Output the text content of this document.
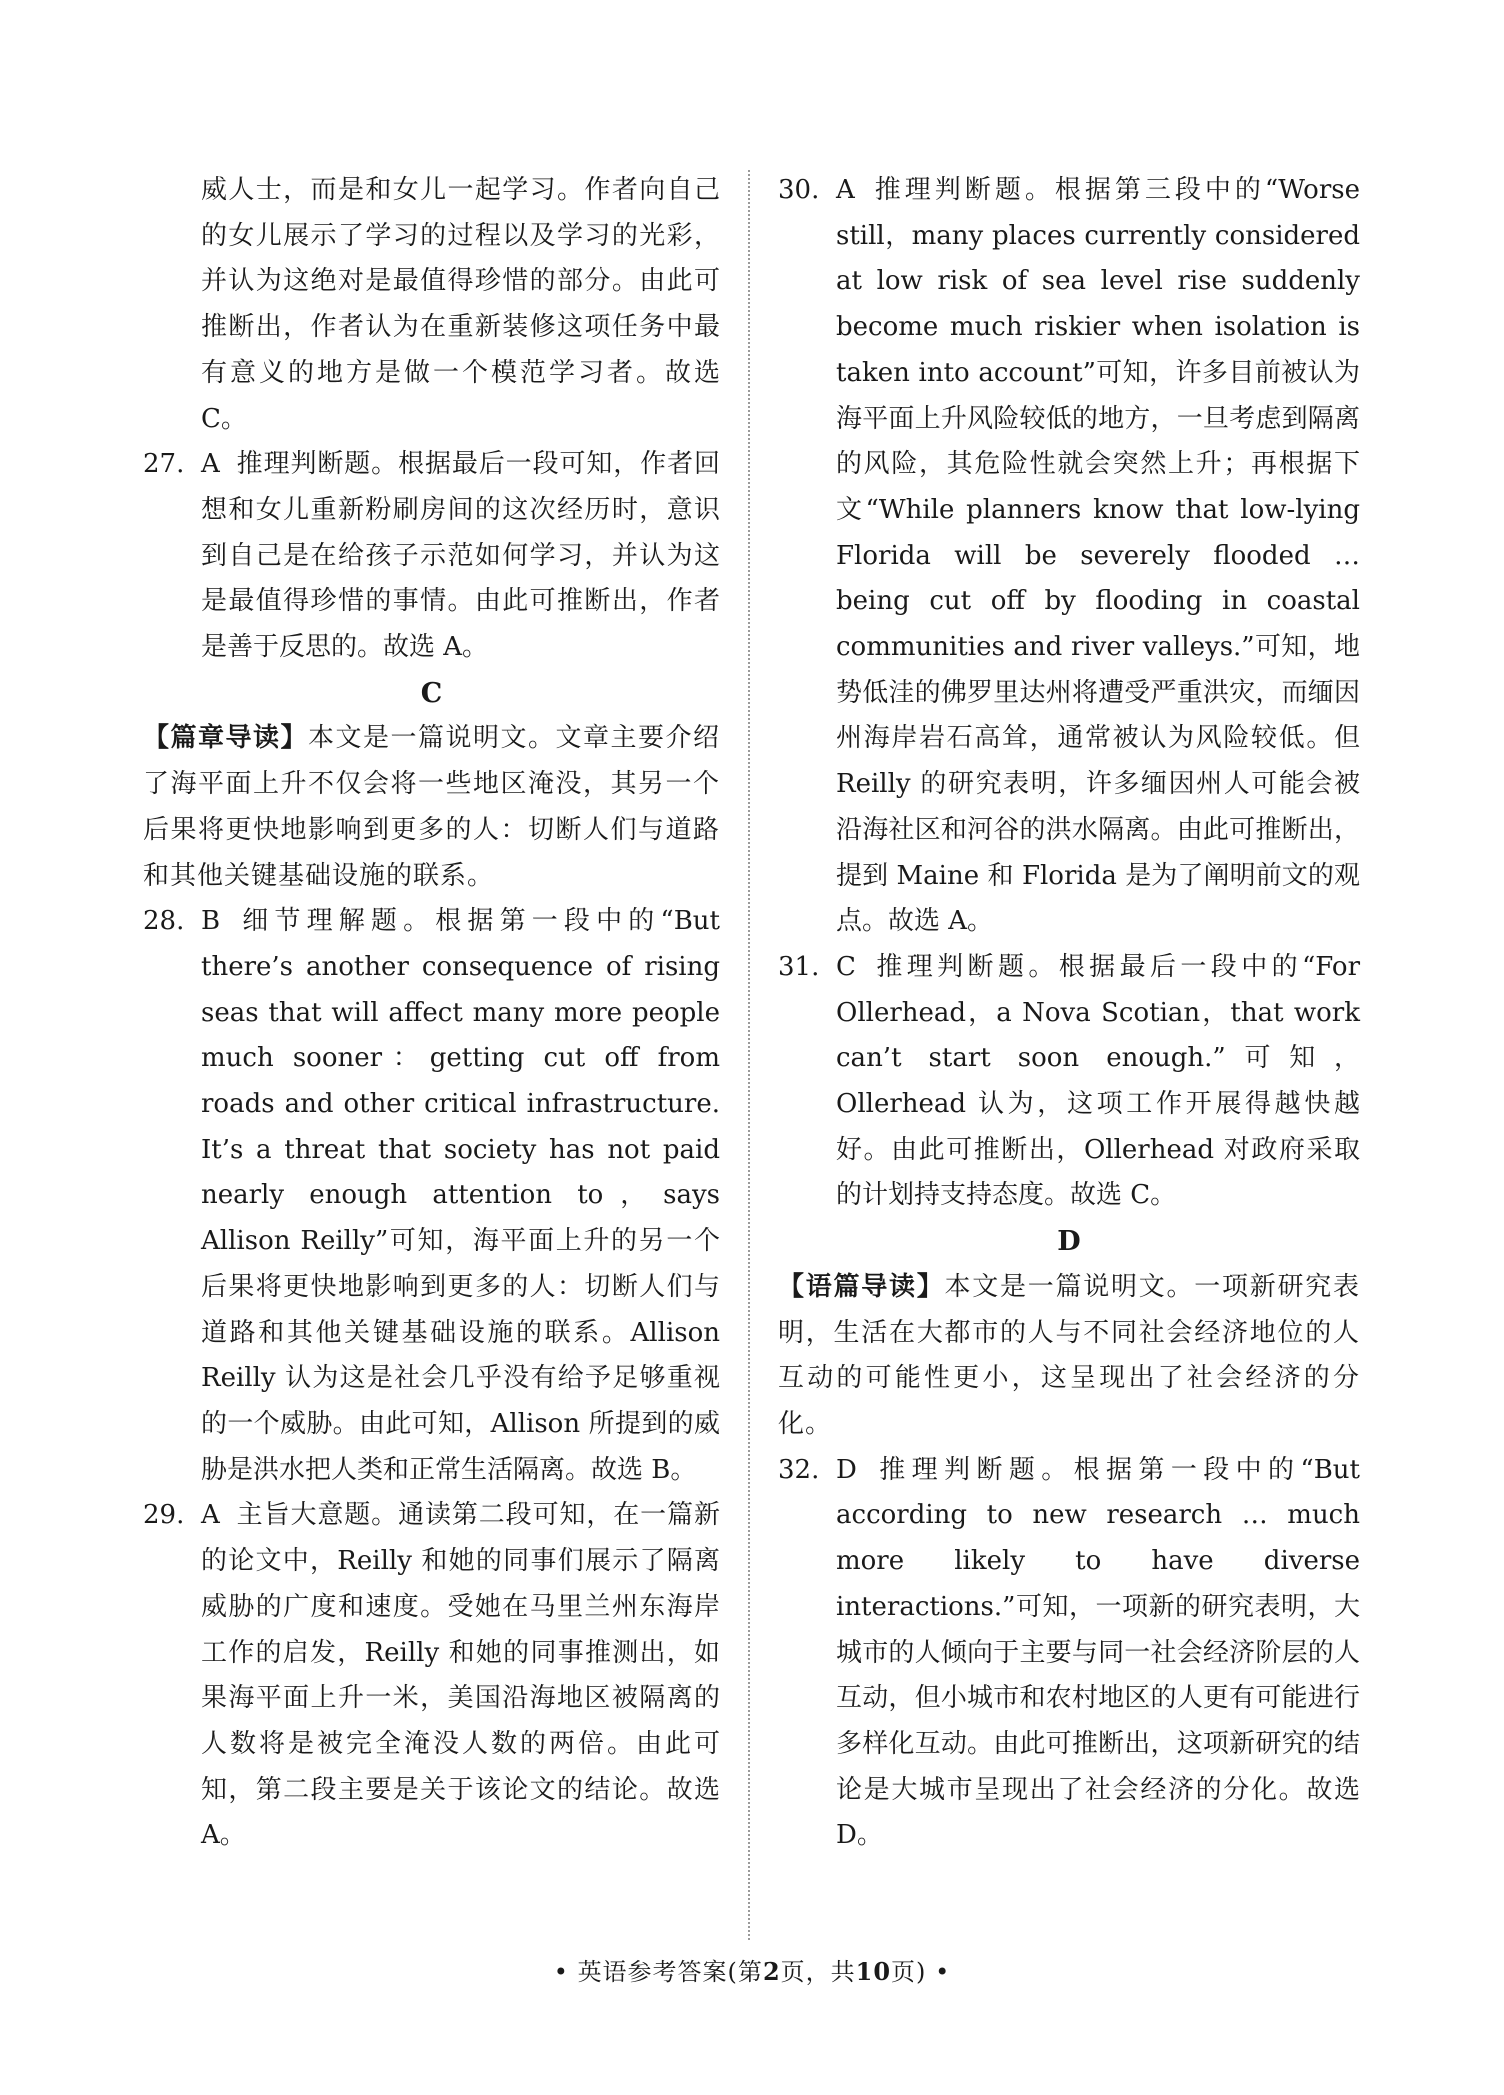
威人士，而是和女儿一起学习。作者向自己的女儿展示了学习的过程以及学习的光彩，并认为这绝对是最值得珍惜的部分。由此可推断出，作者认为在重新装修这项任务中最有意义的地方是做一个模范学习者。故选 C。

27. A 推理判断题。根据最后一段可知，作者回想和女儿重新粉刷房间的这次经历时，意识到自己是在给孩子示范如何学习，并认为这是最值得珍惜的事情。由此可推断出，作者是善于反思的。故选 A。

C

【篇章导读】本文是一篇说明文。文章主要介绍了海平面上升不仅会将一些地区淹没，其另一个后果将更快地影响到更多的人：切断人们与道路和其他关键基础设施的联系。

28. B 细节理解题。根据第一段中的“But there’s another consequence of rising seas that will affect many more people much sooner：getting cut off from roads and other critical infrastructure. It’s a threat that society has not paid nearly enough attention to，says Allison Reilly”可知，海平面上升的另一个后果将更快地影响到更多的人：切断人们与道路和其他关键基础设施的联系。Allison Reilly 认为这是社会几乎没有给予足够重视的一个威胁。由此可知，Allison 所提到的威胁是洪水把人类和正常生活隔离。故选 B。

29. A 主旨大意题。通读第二段可知，在一篇新的论文中，Reilly 和她的同事们展示了隔离威胁的广度和速度。受她在马里兰州东海岸工作的启发，Reilly 和她的同事推测出，如果海平面上升一米，美国沿海地区被隔离的人数将是被完全淹没人数的两倍。由此可知，第二段主要是关于该论文的结论。故选 A。

30. A 推理判断题。根据第三段中的“Worse still，many places currently considered at low risk of sea level rise suddenly become much riskier when isolation is taken into account”可知，许多目前被认为海平面上升风险较低的地方，一旦考虑到隔离的风险，其危险性就会突然上升；再根据下文“While planners know that low-lying Florida will be severely flooded … being cut off by flooding in coastal communities and river valleys.”可知，地势低洼的佛罗里达州将遭受严重洪灾，而缅因州海岸岩石高耸，通常被认为风险较低。但 Reilly 的研究表明，许多缅因州人可能会被沿海社区和河谷的洪水隔离。由此可推断出，提到 Maine 和 Florida 是为了阐明前文的观点。故选 A。

31. C 推理判断题。根据最后一段中的“For Ollerhead，a Nova Scotian，that work can’t start soon enough.”可知，Ollerhead 认为，这项工作开展得越快越好。由此可推断出，Ollerhead 对政府采取的计划持支持态度。故选 C。

D

【语篇导读】本文是一篇说明文。一项新研究表明，生活在大都市的人与不同社会经济地位的人互动的可能性更小，这呈现出了社会经济的分化。

32. D 推理判断题。根据第一段中的“But according to new research … much more likely to have diverse interactions.”可知，一项新的研究表明，大城市的人倾向于主要与同一社会经济阶层的人互动，但小城市和农村地区的人更有可能进行多样化互动。由此可推断出，这项新研究的结论是大城市呈现出了社会经济的分化。故选 D。

• 英语参考答案(第2页，共10页) •
